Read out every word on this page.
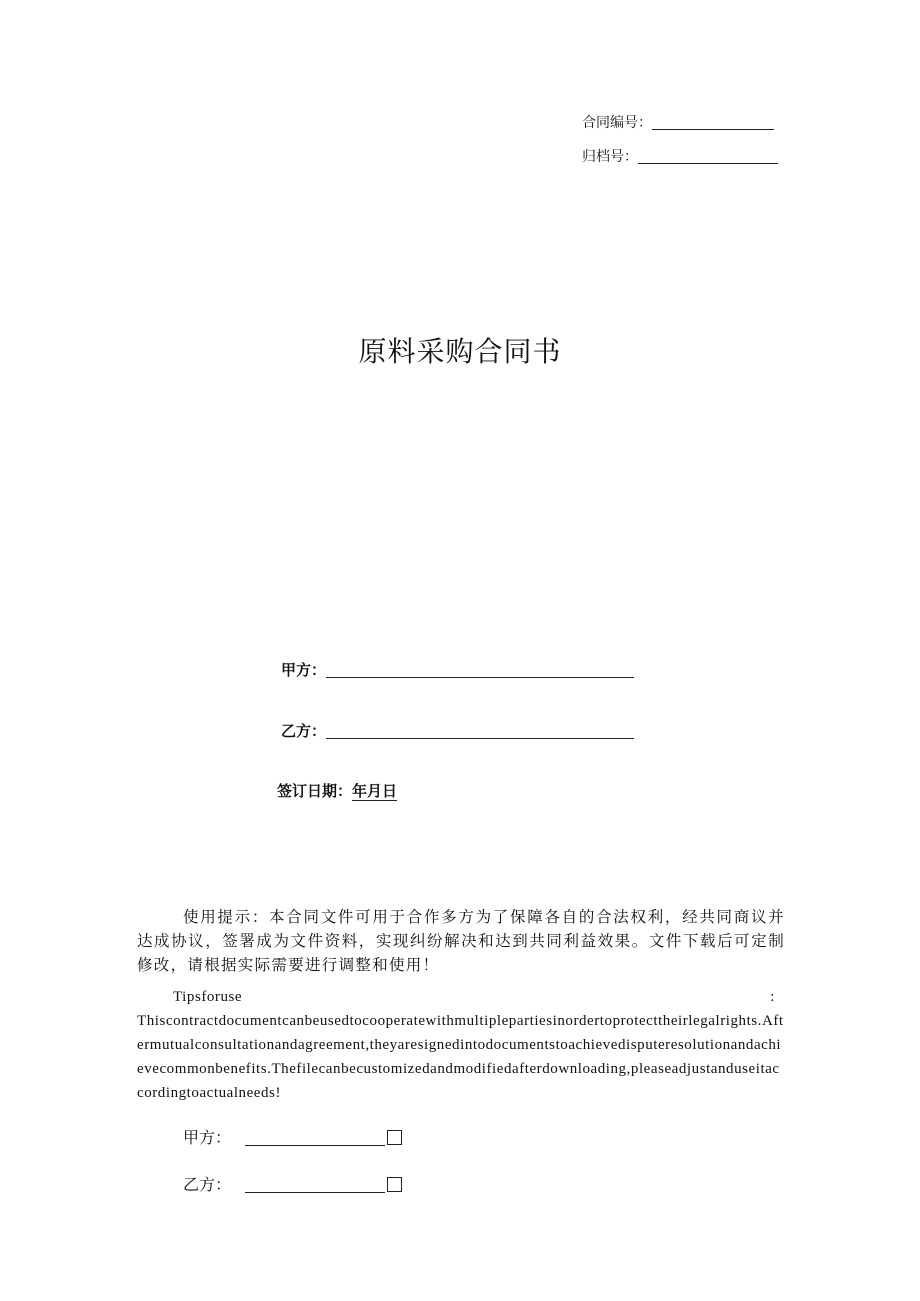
合同编号：
归档号：
原料采购合同书
甲方：
乙方：
签订日期：年月日
使用提示：本合同文件可用于合作多方为了保障各自的合法权利，经共同商议并达成协议，签署成为文件资料，实现纠纷解决和达到共同利益效果。文件下载后可定制修改，请根据实际需要进行调整和使用！
Tipsforuse	:
Thiscontractdocumentcanbeusedtocooperatewithmultiplepartiesinordertoprotecttheirlegalrights.Aftermutualconsultationandagreement,theyaresignedintodocumentstoachievedisputeresolutionandachievecommonbenefits.Thefilecanbecustomizedandmodifiedafterdownloading,pleaseadjustanduseitaccordingtoactualneeds!
甲方：
乙方：
